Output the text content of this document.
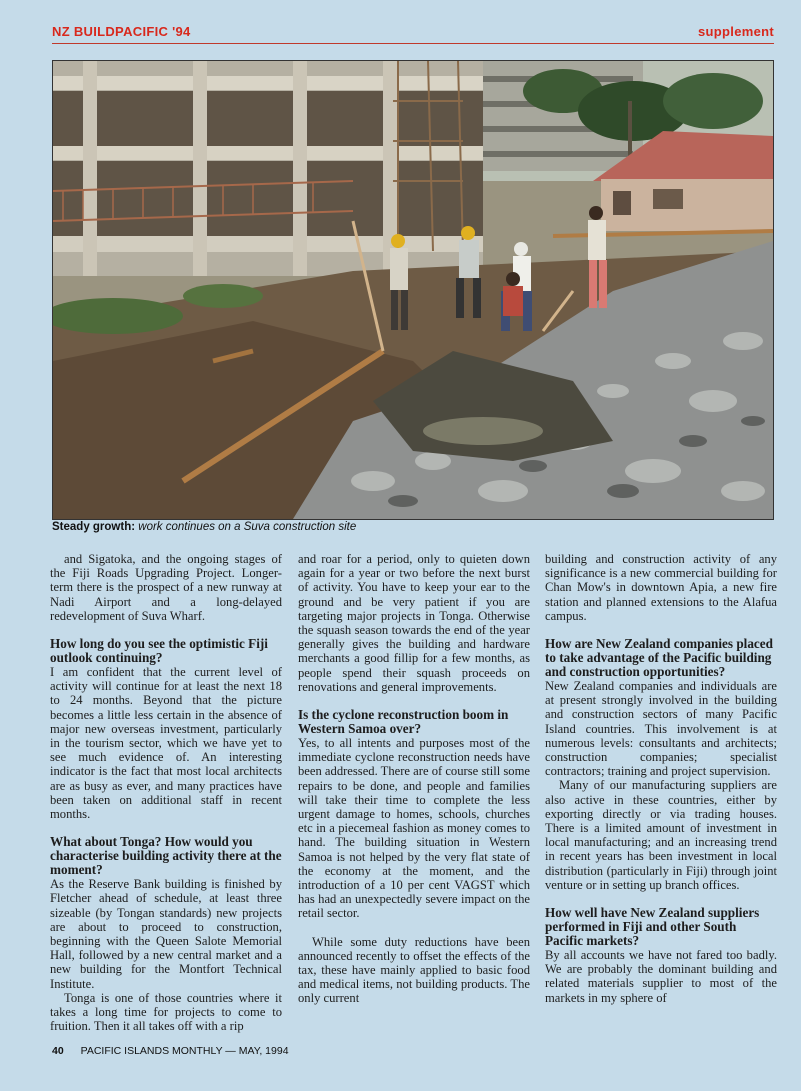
NZ BUILDPACIFIC '94	supplement
Steady growth: work continues on a Suva construction site

and Sigatoka, and the ongoing stages of the Fiji Roads Upgrading Project. Longer-term there is the prospect of a new runway at Nadi Airport and a long-delayed redevelopment of Suva Wharf.

How long do you see the optimistic Fiji outlook continuing?

I am confident that the current level of activity will continue for at least the next 18 to 24 months. Beyond that the picture becomes a little less certain in the absence of major new overseas investment, particularly in the tourism sector, which we have yet to see much evidence of. An interesting indicator is the fact that most local architects are as busy as ever, and many practices have been taken on additional staff in recent months.

What about Tonga? How would you characterise building activity there at the moment?

As the Reserve Bank building is finished by Fletcher ahead of schedule, at least three sizeable (by Tongan standards) new projects are about to proceed to construction, beginning with the Queen Salote Memorial Hall, followed by a new central market and a new building for the Montfort Technical Institute.

Tonga is one of those countries where it takes a long time for projects to come to fruition. Then it all takes off with a rip

and roar for a period, only to quieten down again for a year or two before the next burst of activity. You have to keep your ear to the ground and be very patient if you are targeting major projects in Tonga. Otherwise the squash season towards the end of the year generally gives the building and hardware merchants a good fillip for a few months, as people spend their squash proceeds on renovations and general improvements.

Is the cyclone reconstruction boom in Western Samoa over?

Yes, to all intents and purposes most of the immediate cyclone reconstruction needs have been addressed. There are of course still some repairs to be done, and people and families will take their time to complete the less urgent damage to homes, schools, churches etc in a piecemeal fashion as money comes to hand. The building situation in Western Samoa is not helped by the very flat state of the economy at the moment, and the introduction of a 10 per cent VAGST which has had an unexpectedly severe impact on the retail sector.

While some duty reductions have been announced recently to offset the effects of the tax, these have mainly applied to basic food and medical items, not building products. The only current

building and construction activity of any significance is a new commercial building for Chan Mow's in downtown Apia, a new fire station and planned extensions to the Alafua campus.

How are New Zealand companies placed to take advantage of the Pacific building and construction opportunities?

New Zealand companies and individuals are at present strongly involved in the building and construction sectors of many Pacific Island countries. This involvement is at numerous levels: consultants and architects; construction companies; specialist contractors; training and project supervision.

Many of our manufacturing suppliers are also active in these countries, either by exporting directly or via trading houses. There is a limited amount of investment in local manufacturing; and an increasing trend in recent years has been investment in local distribution (particularly in Fiji) through joint venture or in setting up branch offices.

How well have New Zealand suppliers performed in Fiji and other South Pacific markets?

By all accounts we have not fared too badly. We are probably the dominant building and related materials supplier to most of the markets in my sphere of

40 PACIFIC ISLANDS MONTHLY — MAY, 1994
